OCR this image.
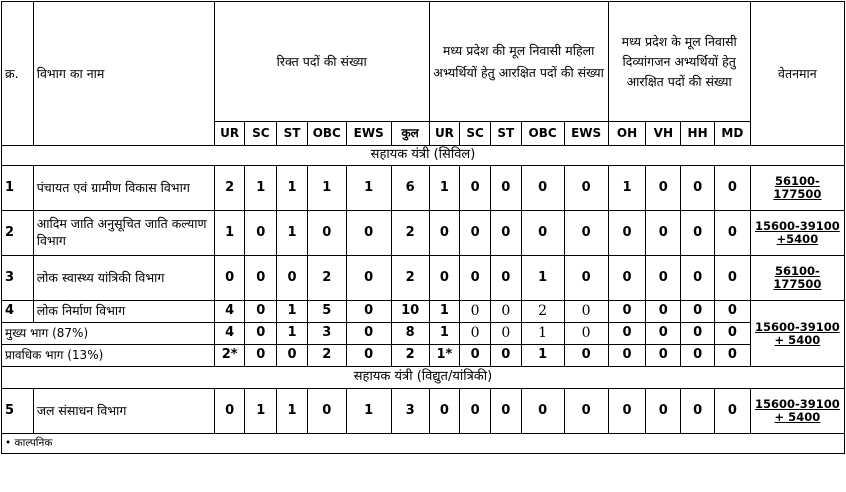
क्र.	विभाग का नाम	रिक्त पदों की संख्या						मध्य प्रदेश की मूल निवासी महिला अभ्यर्थियों हेतु आरक्षित पदों की संख्या					मध्य प्रदेश के मूल निवासी दिव्यांगजन अभ्यर्थियों हेतु आरक्षित पदों की संख्या				वेतनमान
		UR	SC	ST	OBC	EWS	कुल	UR	SC	ST	OBC	EWS	OH	VH	HH	MD	
सहायक यंत्री (सिविल)																	
1	पंचायत एवं ग्रामीण विकास विभाग	2	1	1	1	1	6	1	0	0	0	0	1	0	0	0	56100-177500
2	आदिम जाति अनुसूचित जाति कल्याण विभाग	1	0	1	0	0	2	0	0	0	0	0	0	0	0	0	15600-39100 +5400
3	लोक स्वास्थ्य यांत्रिकी विभाग	0	0	0	2	0	2	0	0	0	1	0	0	0	0	0	56100-177500
4	लोक निर्माण विभाग	4	0	1	5	0	10	1	0	0	2	0	0	0	0	0	15600-39100 + 5400
मुख्य भाग (87%)		4	0	1	3	0	8	1	0	0	1	0	0	0	0	0	
प्रावधिक भाग (13%)		2*	0	0	2	0	2	1*	0	0	1	0	0	0	0	0	
सहायक यंत्री (विद्युत/यांत्रिकी)																	
5	जल संसाधन विभाग	0	1	1	0	1	3	0	0	0	0	0	0	0	0	0	15600-39100 + 5400
• काल्पनिक																	
